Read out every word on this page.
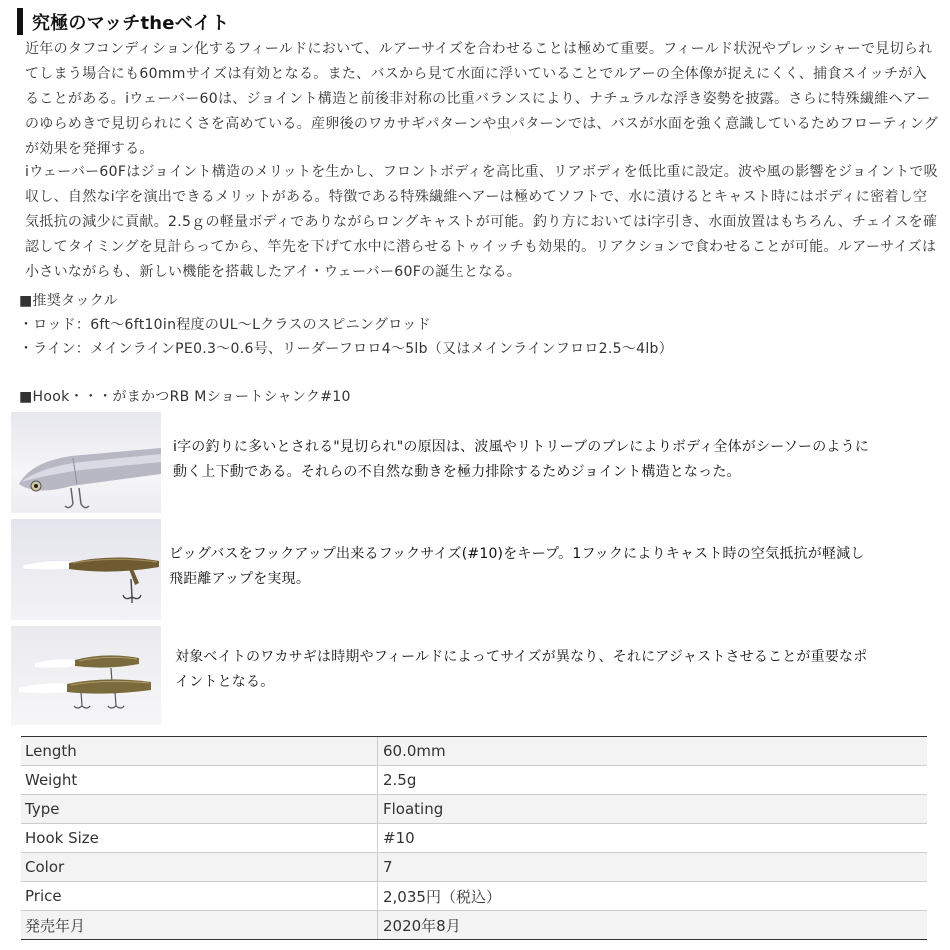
究極のマッチtheベイト
近年のタフコンディション化するフィールドにおいて、ルアーサイズを合わせることは極めて重要。フィールド状況やプレッシャーで見切られ
てしまう場合にも60mmサイズは有効となる。また、バスから見て水面に浮いていることでルアーの全体像が捉えにくく、捕食スイッチが入
ることがある。iウェーバー60は、ジョイント構造と前後非対称の比重バランスにより、ナチュラルな浮き姿勢を披露。さらに特殊繊維ヘアー
のゆらめきで見切られにくさを高めている。産卵後のワカサギパターンや虫パターンでは、バスが水面を強く意識しているためフローティング
が効果を発揮する。
iウェーバー60Fはジョイント構造のメリットを生かし、フロントボディを高比重、リアボディを低比重に設定。波や風の影響をジョイントで吸
収し、自然なi字を演出できるメリットがある。特徴である特殊繊維ヘアーは極めてソフトで、水に漬けるとキャスト時にはボディに密着し空
気抵抗の減少に貢献。2.5ｇの軽量ボディでありながらロングキャストが可能。釣り方においてはi字引き、水面放置はもちろん、チェイスを確
認してタイミングを見計らってから、竿先を下げて水中に潜らせるトゥイッチも効果的。リアクションで食わせることが可能。ルアーサイズは
小さいながらも、新しい機能を搭載したアイ・ウェーバー60Fの誕生となる。
■推奨タックル
・ロッド：6ft～6ft10in程度のUL～Lクラスのスピニングロッド
・ライン：メインラインPE0.3～0.6号、リーダーフロロ4～5lb（又はメインラインフロロ2.5～4lb）
■Hook・・・がまかつRB Mショートシャンク#10
i字の釣りに多いとされる"見切られ"の原因は、波風やリトリーブのブレによりボディ全体がシーソーのように
動く上下動である。それらの不自然な動きを極力排除するためジョイント構造となった。
ビッグバスをフックアップ出来るフックサイズ(#10)をキープ。1フックによりキャスト時の空気抵抗が軽減し
飛距離アップを実現。
対象ベイトのワカサギは時期やフィールドによってサイズが異なり、それにアジャストさせることが重要なポ
イントとなる。
Length	60.0mm
Weight	2.5g
Type	Floating
Hook Size	#10
Color	7
Price	2,035円（税込）
発売年月	2020年8月
